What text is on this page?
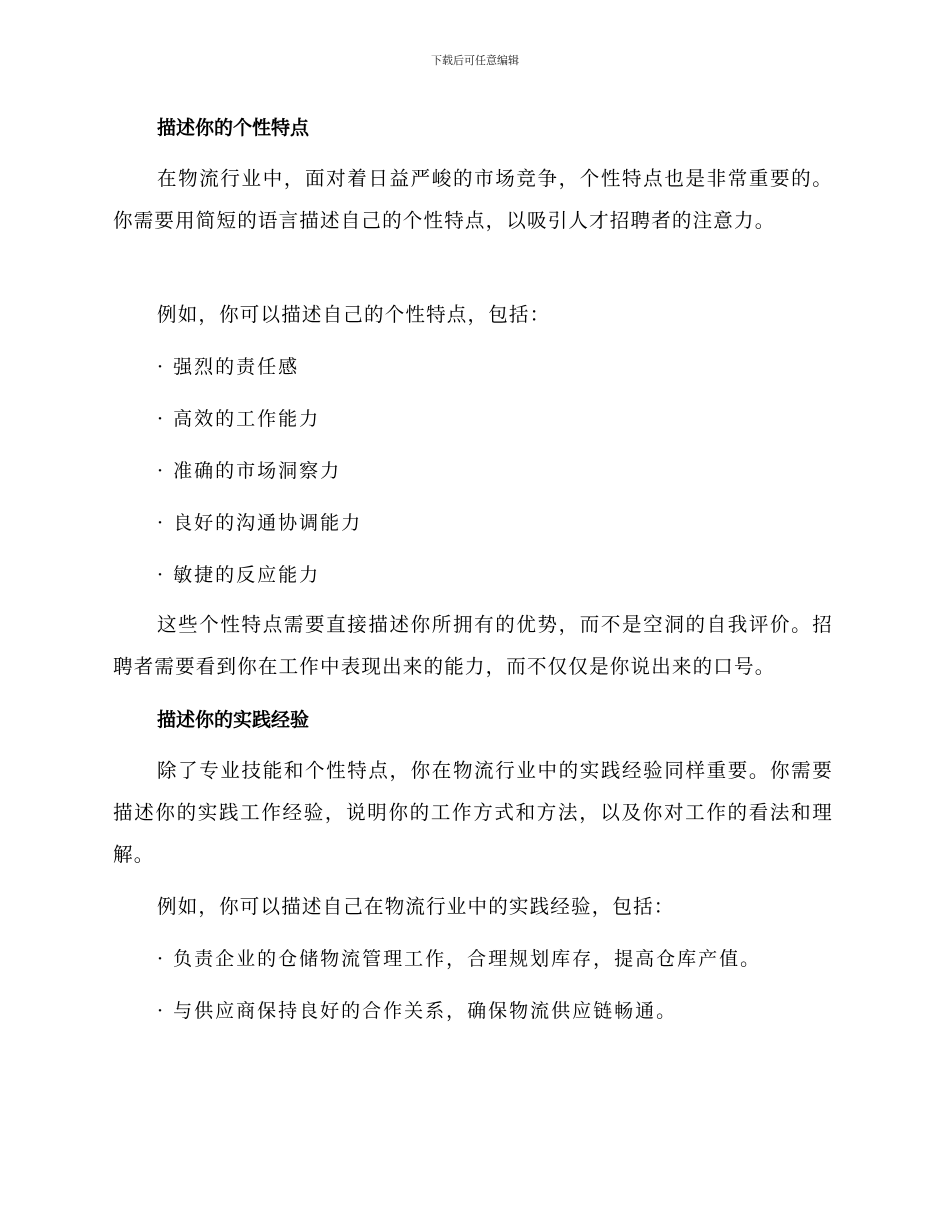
下载后可任意编辑
描述你的个性特点
在物流行业中，面对着日益严峻的市场竞争，个性特点也是非常重要的。你需要用简短的语言描述自己的个性特点，以吸引人才招聘者的注意力。
例如，你可以描述自己的个性特点，包括：
· 强烈的责任感
· 高效的工作能力
· 准确的市场洞察力
· 良好的沟通协调能力
· 敏捷的反应能力
这些个性特点需要直接描述你所拥有的优势，而不是空洞的自我评价。招聘者需要看到你在工作中表现出来的能力，而不仅仅是你说出来的口号。
描述你的实践经验
除了专业技能和个性特点，你在物流行业中的实践经验同样重要。你需要描述你的实践工作经验，说明你的工作方式和方法，以及你对工作的看法和理解。
例如，你可以描述自己在物流行业中的实践经验，包括：
· 负责企业的仓储物流管理工作，合理规划库存，提高仓库产值。
· 与供应商保持良好的合作关系，确保物流供应链畅通。
